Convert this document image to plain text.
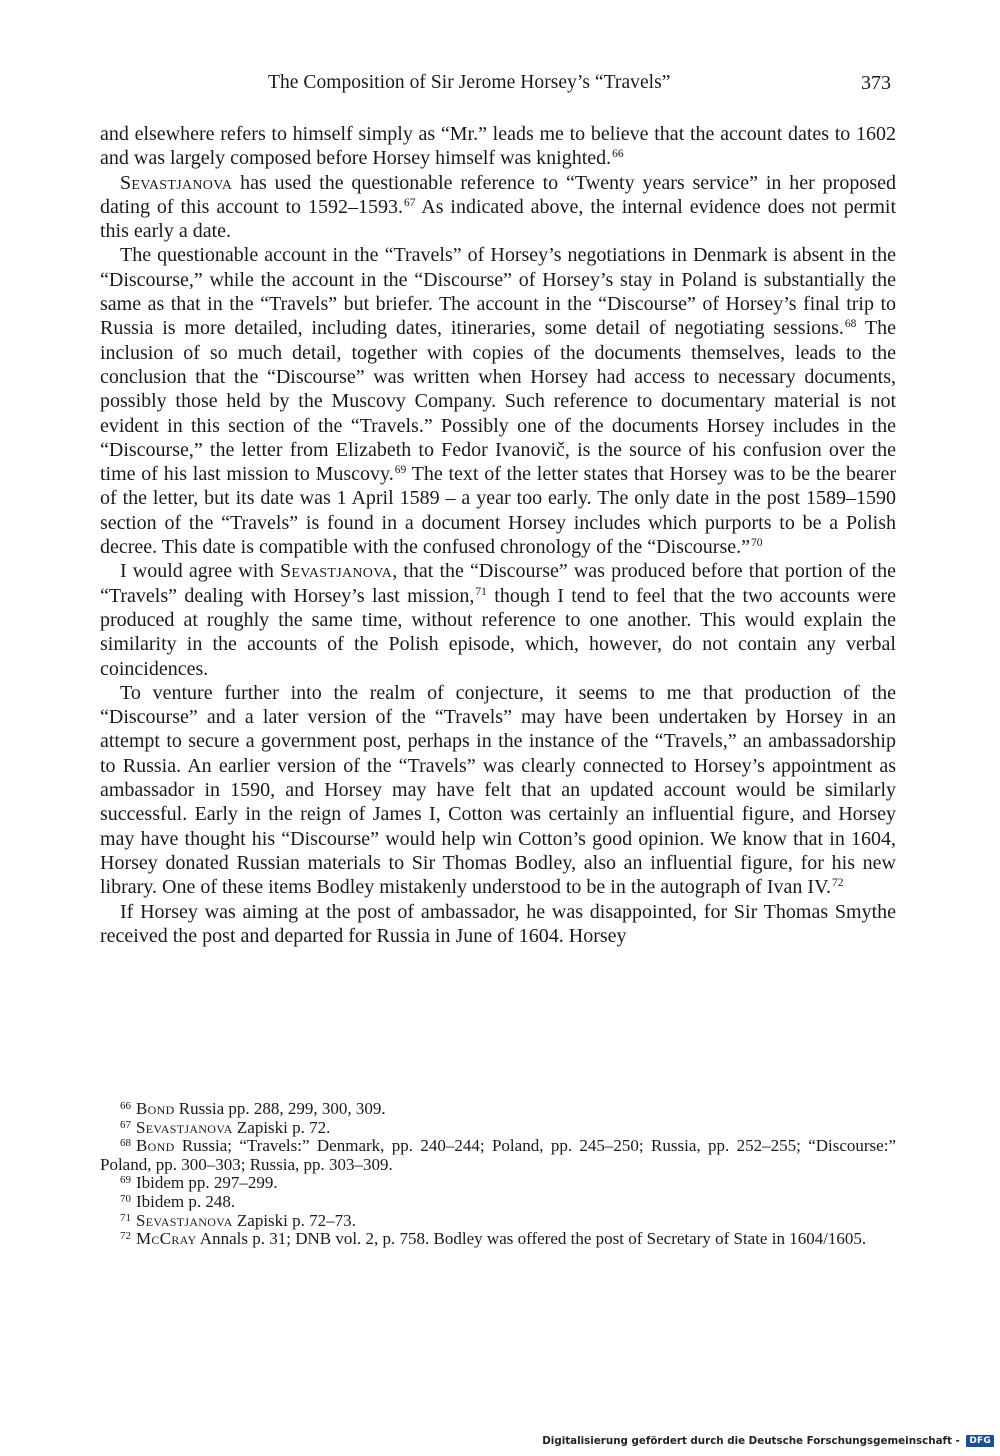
The Composition of Sir Jerome Horsey’s “Travels”	373

and elsewhere refers to himself simply as “Mr.” leads me to believe that the account dates to 1602 and was largely composed before Horsey himself was knighted.$^{66}$

Sevastjanova has used the questionable reference to “Twenty years service” in her proposed dating of this account to 1592–1593.67 As indicated above, the internal evidence does not permit this early a date.

The questionable account in the “Travels” of Horsey’s negotiations in Denmark is absent in the “Discourse,” while the account in the “Discourse” of Horsey’s stay in Poland is substantially the same as that in the “Travels” but briefer. The account in the “Discourse” of Horsey’s final trip to Russia is more detailed, including dates, itineraries, some detail of negotiating sessions.$^{68}$ The inclusion of so much detail, together with copies of the documents themselves, leads to the conclusion that the “Discourse” was written when Horsey had access to necessary documents, possibly those held by the Muscovy Company. Such reference to documentary material is not evident in this section of the “Travels.” Possibly one of the documents Horsey includes in the “Discourse,” the letter from Elizabeth to Fedor Ivanovič, is the source of his confusion over the time of his last mission to Muscovy.$^{69}$ The text of the letter states that Horsey was to be the bearer of the letter, but its date was 1 April 1589 – a year too early. The only date in the post 1589–1590 section of the “Travels” is found in a document Horsey includes which purports to be a Polish decree. This date is compatible with the confused chronology of the “Discourse.”$^{70}$

I would agree with Sevastjanova, that the “Discourse” was produced before that portion of the “Travels” dealing with Horsey’s last mission,$^{71}$ though I tend to feel that the two accounts were produced at roughly the same time, without reference to one another. This would explain the similarity in the accounts of the Polish episode, which, however, do not contain any verbal coincidences.

To venture further into the realm of conjecture, it seems to me that production of the “Discourse” and a later version of the “Travels” may have been undertaken by Horsey in an attempt to secure a government post, perhaps in the instance of the “Travels,” an ambassadorship to Russia. An earlier version of the “Travels” was clearly connected to Horsey’s appointment as ambassador in 1590, and Horsey may have felt that an updated account would be similarly successful. Early in the reign of James I, Cotton was certainly an influential figure, and Horsey may have thought his “Discourse” would help win Cotton’s good opinion. We know that in 1604, Horsey donated Russian materials to Sir Thomas Bodley, also an influential figure, for his new library. One of these items Bodley mistakenly understood to be in the autograph of Ivan IV.$^{72}$

If Horsey was aiming at the post of ambassador, he was disappointed, for Sir Thomas Smythe received the post and departed for Russia in June of 1604. Horsey

$^{66}$ Bond Russia pp. 288, 299, 300, 309.

$^{67}$ Sevastjanova Zapiski p. 72.

$^{68}$ Bond Russia; “Travels:” Denmark, pp. 240–244; Poland, pp. 245–250; Russia, pp. 252–255; “Discourse:” Poland, pp. 300–303; Russia, pp. 303–309.

$^{69}$ Ibidem pp. 297–299.

$^{70}$ Ibidem p. 248.

$^{71}$ Sevastjanova Zapiski p. 72–73.

$^{72}$ McCray Annals p. 31; DNB vol. 2, p. 758. Bodley was offered the post of Secretary of State in 1604/1605.

Digitalisierung gefördert durch die Deutsche Forschungsgemeinschaft - DFG
